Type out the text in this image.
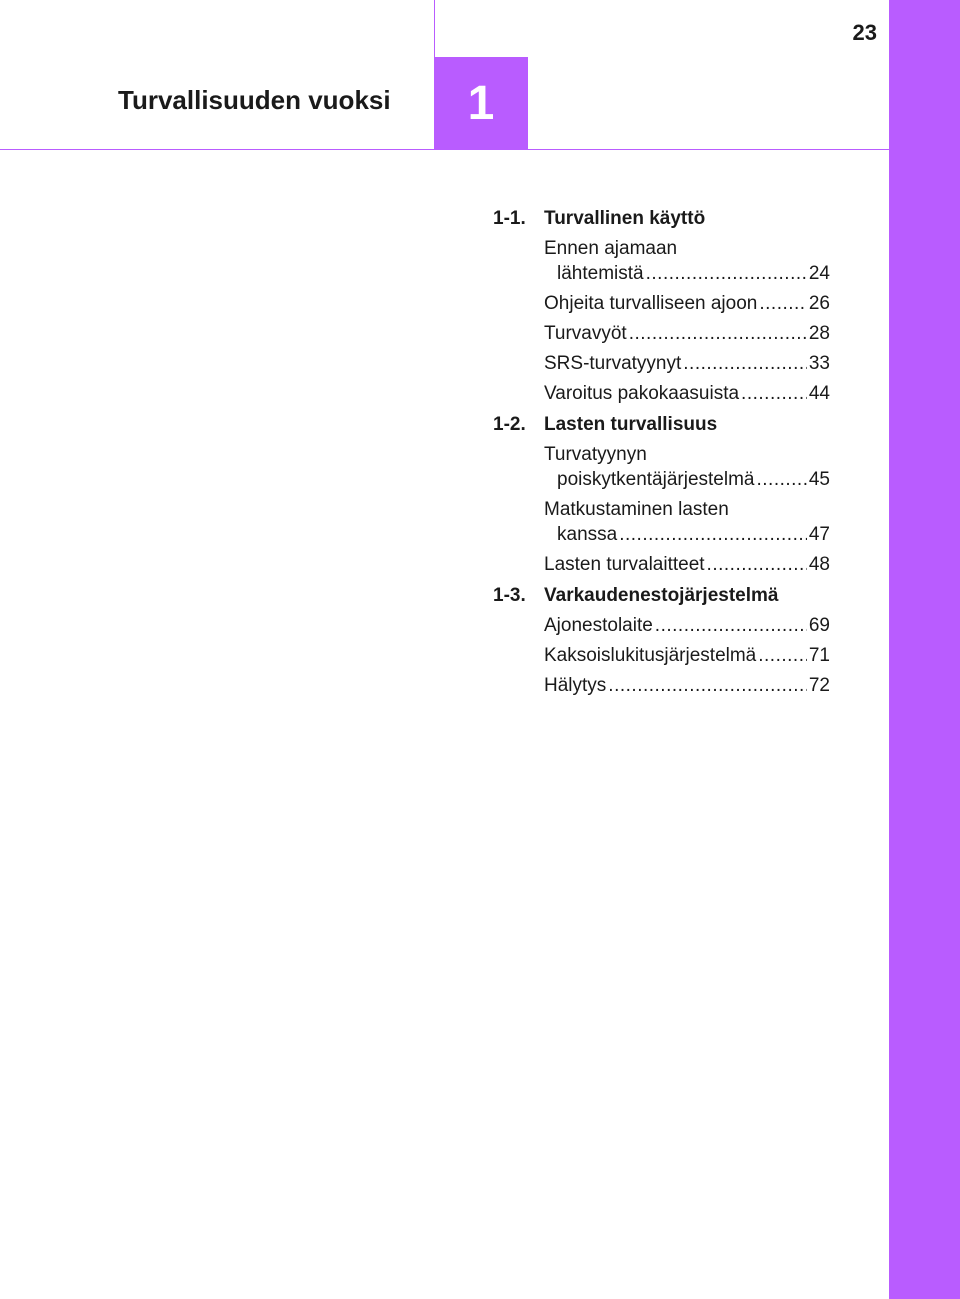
1
Turvallisuuden vuoksi
23
1-1. Turvallinen käyttö
Ennen ajamaan
lähtemistä .....	24
Ohjeita turvalliseen ajoon .....	26
Turvavyöt .....	28
SRS-turvatyynyt .....	33
Varoitus pakokaasuista .....	44
1-2. Lasten turvallisuus
Turvatyynyn
poiskytkentäjärjestelmä .....	45
Matkustaminen lasten
kanssa .....	47
Lasten turvalaitteet .....	48
1-3. Varkaudenestojärjestelmä
Ajonestolaite .....	69
Kaksoislukitusjärjestelmä .....	71
Hälytys .....	72
